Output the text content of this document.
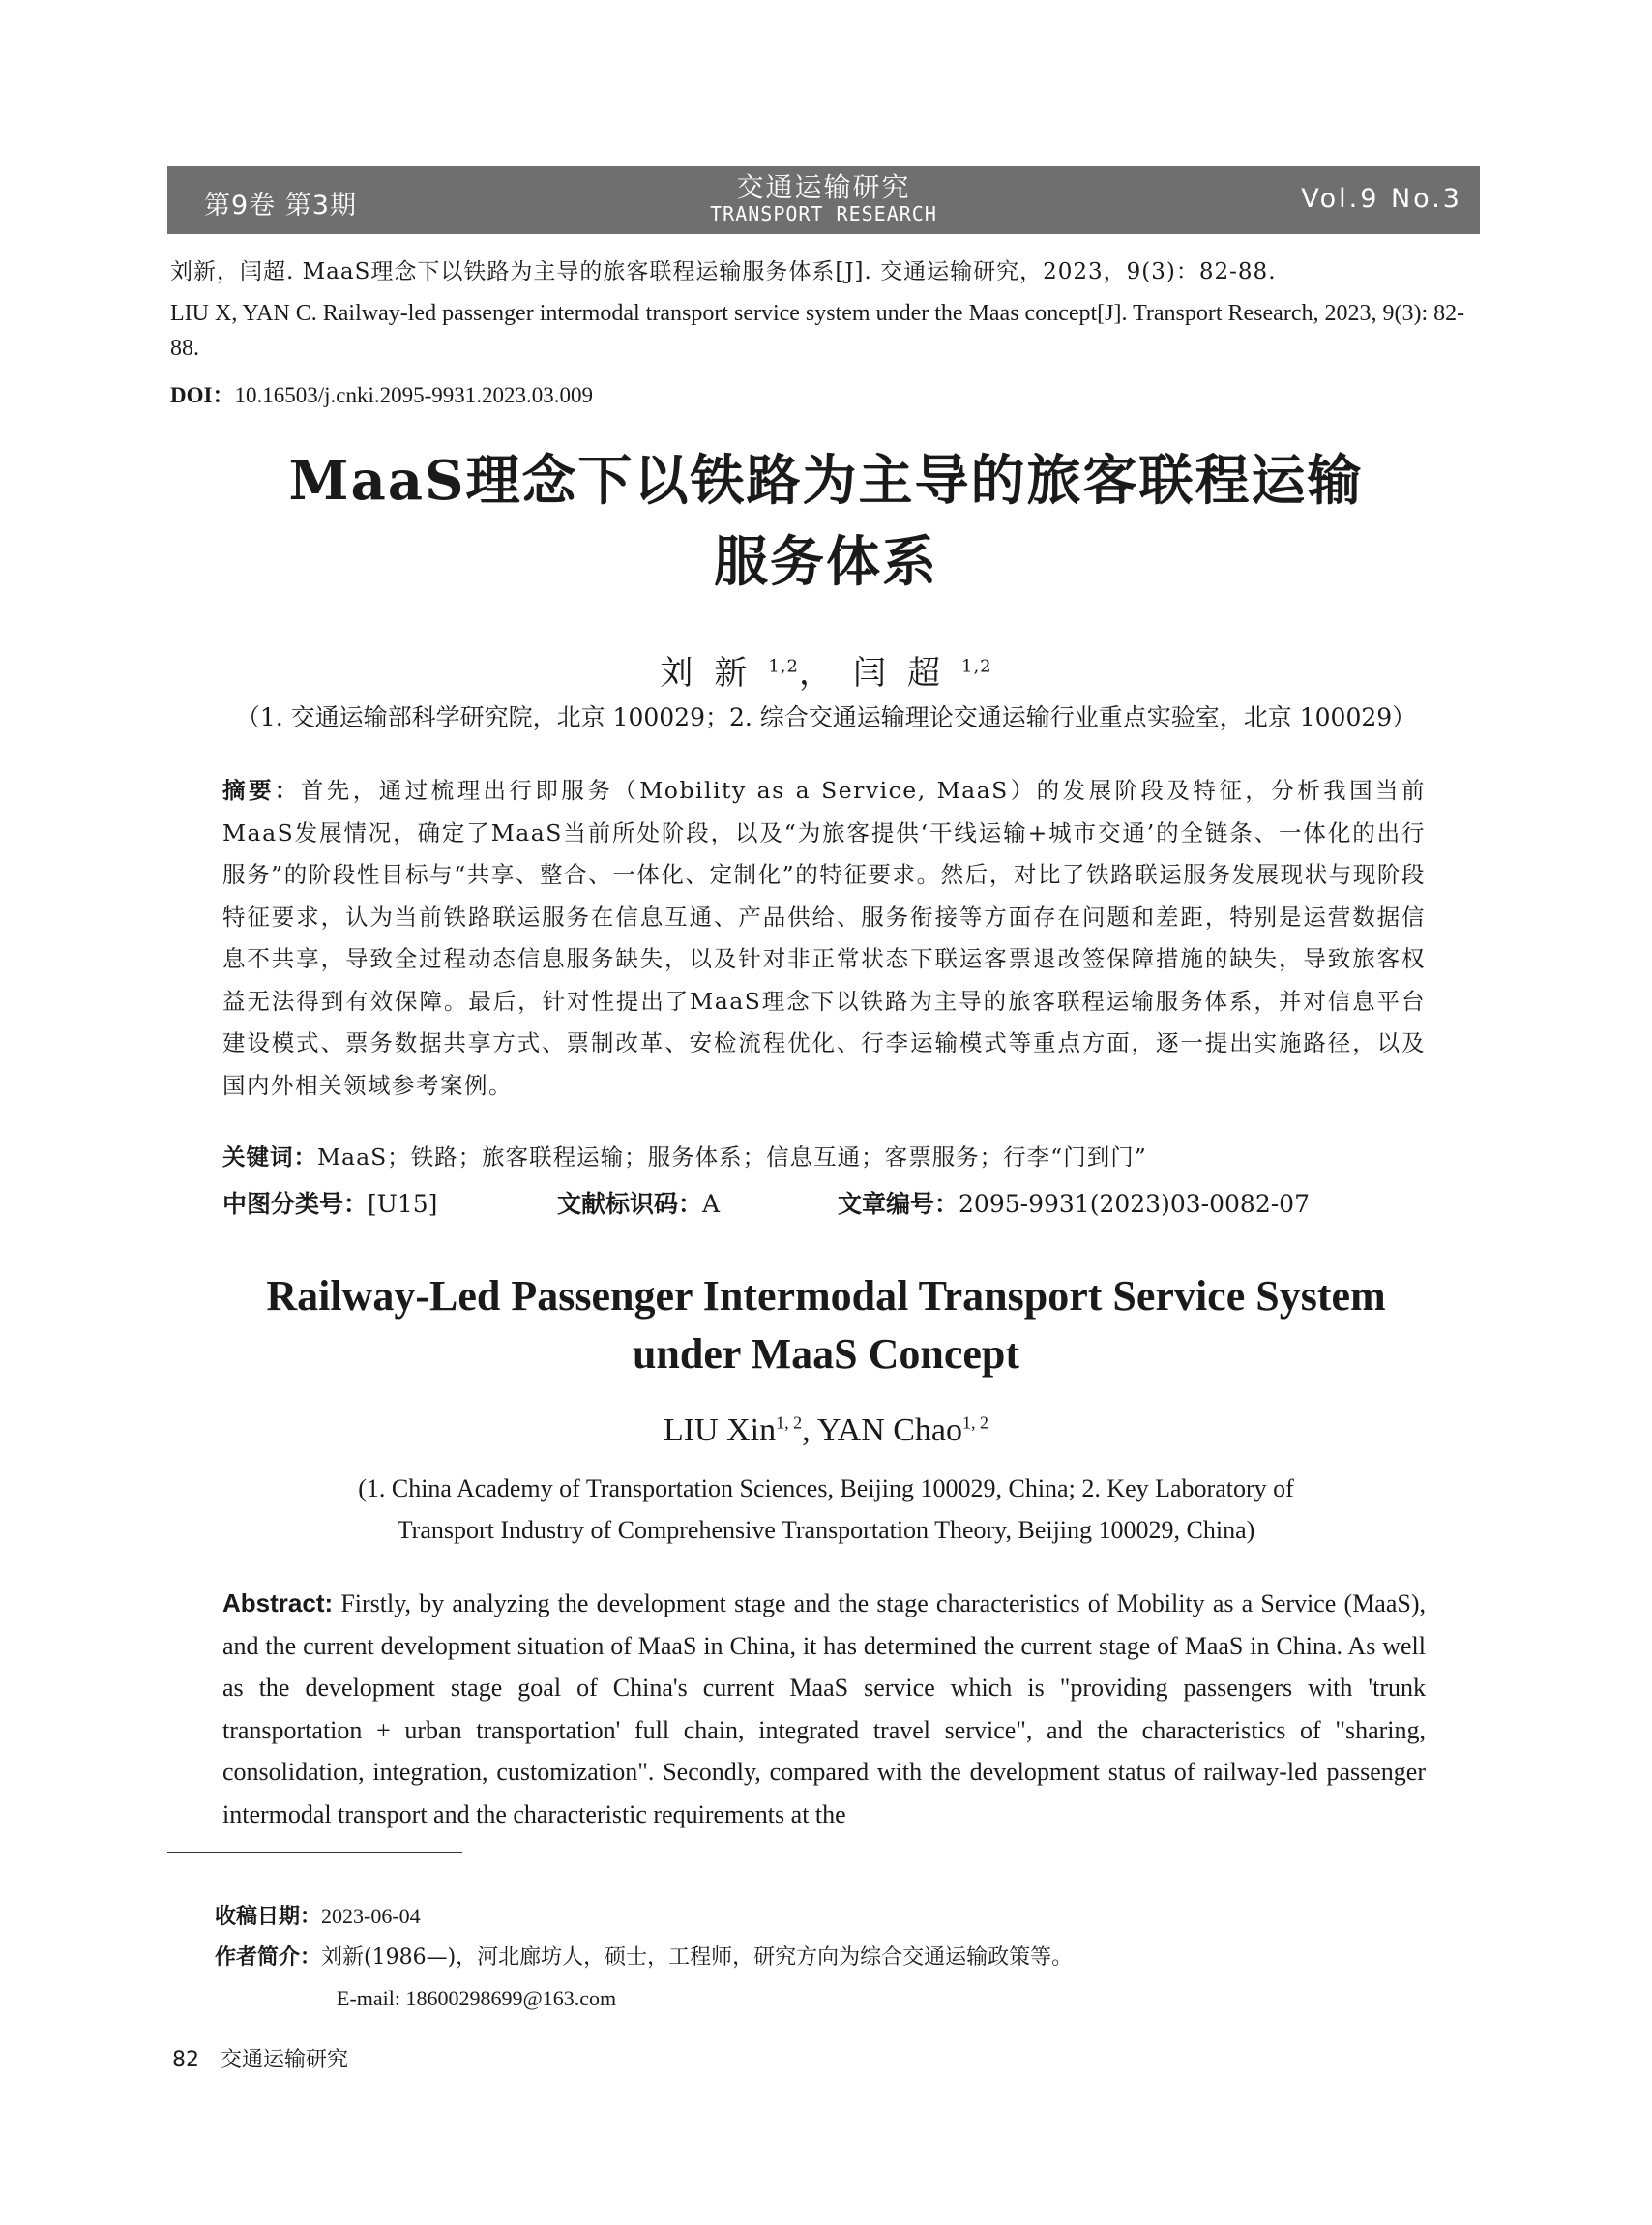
第9卷 第3期
交通运输研究
TRANSPORT RESEARCH	Vol.9 No.3
刘新，闫超. MaaS理念下以铁路为主导的旅客联程运输服务体系[J]. 交通运输研究，2023，9(3)：82-88.
LIU X, YAN C. Railway-led passenger intermodal transport service system under the Maas concept[J]. Transport Research, 2023, 9(3): 82-88.
DOI：10.16503/j.cnki.2095-9931.2023.03.009
MaaS理念下以铁路为主导的旅客联程运输
服务体系
刘新$^{1,2}$，闫超$^{1,2}$
（1. 交通运输部科学研究院，北京 100029；2. 综合交通运输理论交通运输行业重点实验室，北京 100029）
摘要：首先，通过梳理出行即服务（Mobility as a Service, MaaS）的发展阶段及特征，分析我国当前MaaS发展情况，确定了MaaS当前所处阶段，以及“为旅客提供‘干线运输+城市交通’的全链条、一体化的出行服务”的阶段性目标与“共享、整合、一体化、定制化”的特征要求。然后，对比了铁路联运服务发展现状与现阶段特征要求，认为当前铁路联运服务在信息互通、产品供给、服务衔接等方面存在问题和差距，特别是运营数据信息不共享，导致全过程动态信息服务缺失，以及针对非正常状态下联运客票退改签保障措施的缺失，导致旅客权益无法得到有效保障。最后，针对性提出了MaaS理念下以铁路为主导的旅客联程运输服务体系，并对信息平台建设模式、票务数据共享方式、票制改革、安检流程优化、行李运输模式等重点方面，逐一提出实施路径，以及国内外相关领域参考案例。
关键词：MaaS；铁路；旅客联程运输；服务体系；信息互通；客票服务；行李“门到门”
中图分类号：[U15]	文献标识码：A	文章编号：2095-9931(2023)03-0082-07
Railway-Led Passenger Intermodal Transport Service System
under MaaS Concept
LIU Xin$^{1, 2}$, YAN Chao$^{1, 2}$
(1. China Academy of Transportation Sciences, Beijing 100029, China; 2. Key Laboratory of
Transport Industry of Comprehensive Transportation Theory, Beijing 100029, China)
Abstract: Firstly, by analyzing the development stage and the stage characteristics of Mobility as a Service (MaaS), and the current development situation of MaaS in China, it has determined the current stage of MaaS in China. As well as the development stage goal of China's current MaaS service which is "providing passengers with 'trunk transportation + urban transportation' full chain, integrated travel service", and the characteristics of "sharing, consolidation, integration, customization". Secondly, compared with the development status of railway-led passenger intermodal transport and the characteristic requirements at the
收稿日期：2023-06-04
作者简介：刘新(1986—)，河北廊坊人，硕士，工程师，研究方向为综合交通运输政策等。
E-mail: 18600298699@163.com
82 交通运输研究
